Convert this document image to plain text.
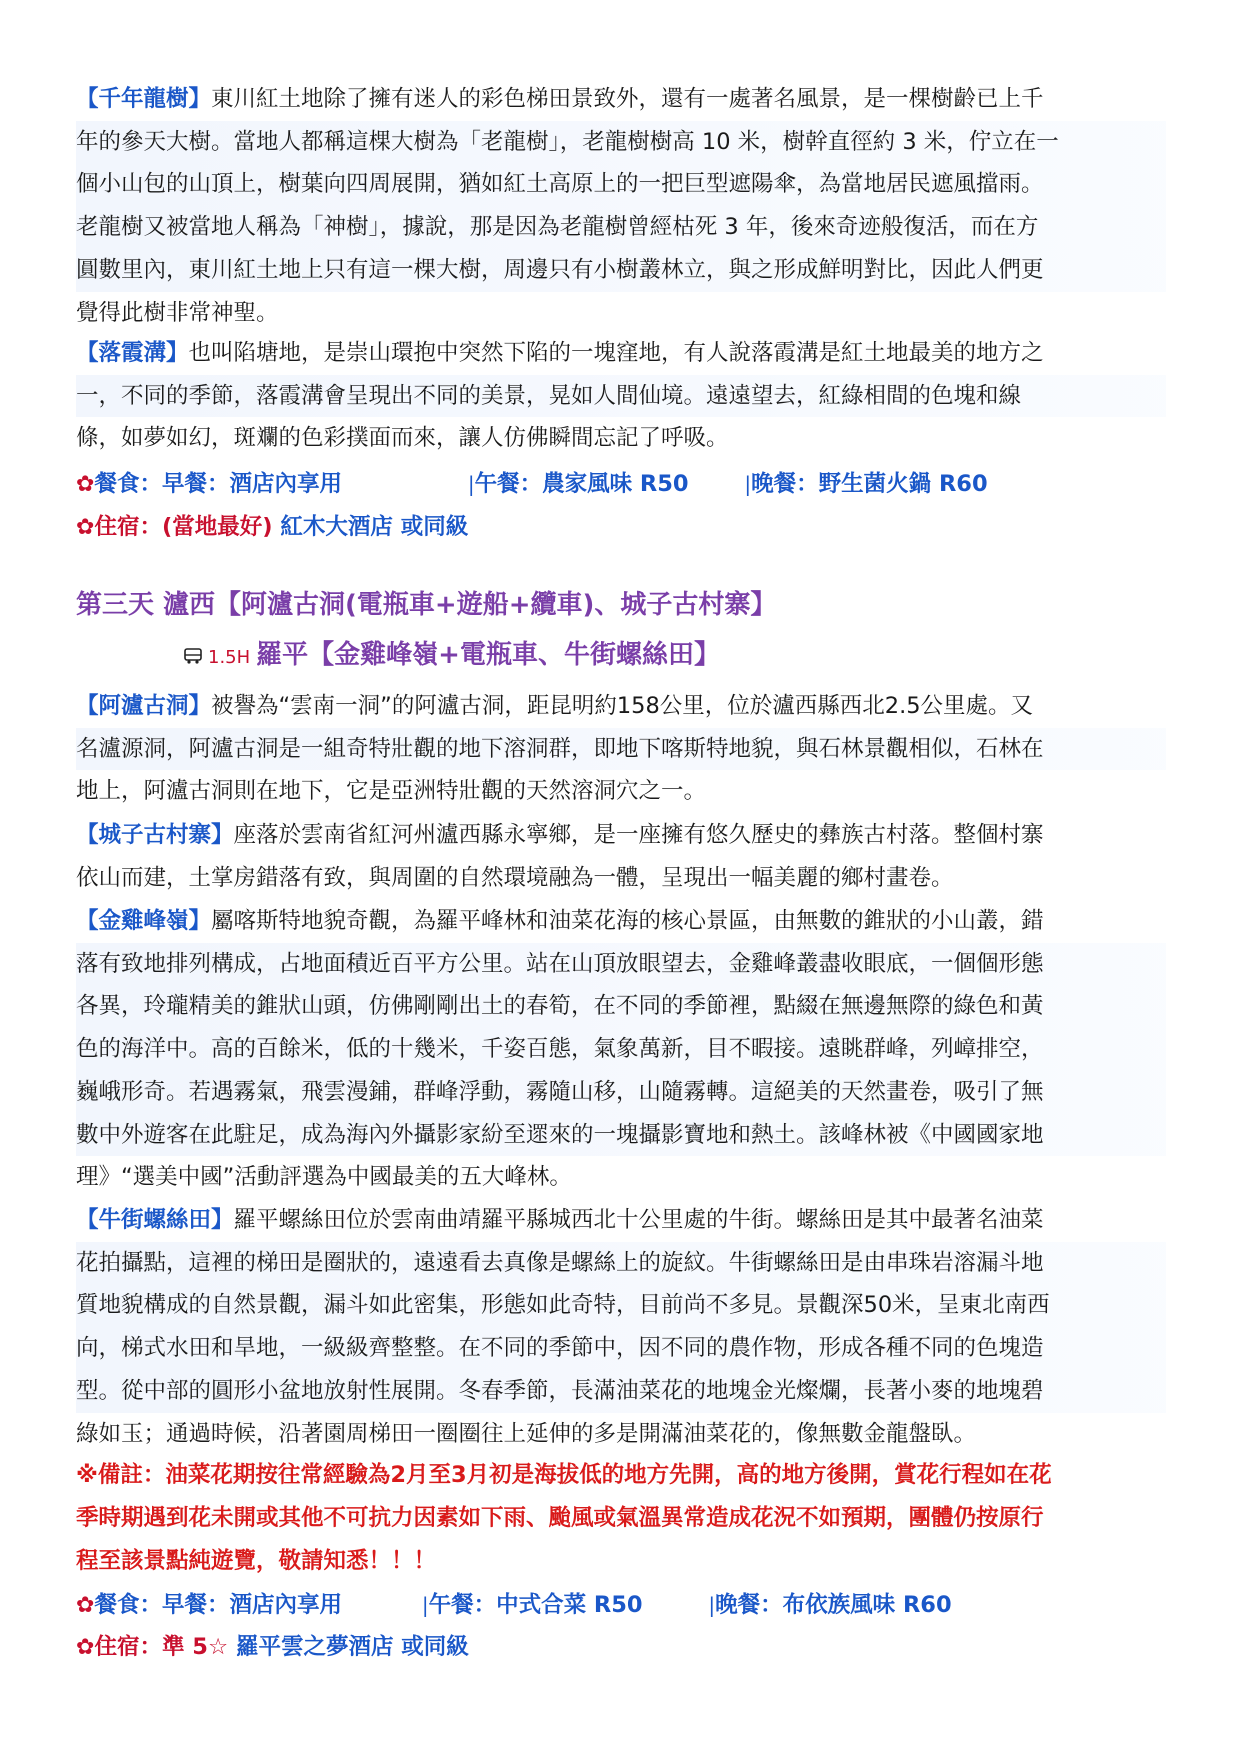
【千年龍樹】東川紅土地除了擁有迷人的彩色梯田景致外，還有一處著名風景，是一棵樹齡已上千
年的參天大樹。當地人都稱這棵大樹為「老龍樹」，老龍樹樹高 10 米，樹幹直徑約 3 米，佇立在一
個小山包的山頂上，樹葉向四周展開，猶如紅土高原上的一把巨型遮陽傘，為當地居民遮風擋雨。
老龍樹又被當地人稱為「神樹」，據說，那是因為老龍樹曾經枯死 3 年，後來奇迹般復活，而在方
圓數里內，東川紅土地上只有這一棵大樹，周邊只有小樹叢林立，與之形成鮮明對比，因此人們更
覺得此樹非常神聖。

【落霞溝】也叫陷塘地，是崇山環抱中突然下陷的一塊窪地，有人說落霞溝是紅土地最美的地方之
一，不同的季節，落霞溝會呈現出不同的美景，晃如人間仙境。遠遠望去，紅綠相間的色塊和線
條，如夢如幻，斑斕的色彩撲面而來，讓人仿佛瞬間忘記了呼吸。

✿餐食：早餐：酒店內享用	|午餐：農家風味 R50	|晚餐：野生菌火鍋 R60
✿住宿：(當地最好) 紅木大酒店 或同級
第三天 瀘西【阿瀘古洞(電瓶車+遊船+纜車)、城子古村寨】
1.5H 羅平【金雞峰嶺+電瓶車、牛街螺絲田】

【阿瀘古洞】被譽為“雲南一洞”的阿瀘古洞，距昆明約158公里，位於瀘西縣西北2.5公里處。又
名瀘源洞，阿瀘古洞是一組奇特壯觀的地下溶洞群，即地下喀斯特地貌，與石林景觀相似，石林在
地上，阿瀘古洞則在地下，它是亞洲特壯觀的天然溶洞穴之一。

【城子古村寨】座落於雲南省紅河州瀘西縣永寧鄉，是一座擁有悠久歷史的彝族古村落。整個村寨
依山而建，土掌房錯落有致，與周圍的自然環境融為一體，呈現出一幅美麗的鄉村畫卷。

【金雞峰嶺】屬喀斯特地貌奇觀，為羅平峰林和油菜花海的核心景區，由無數的錐狀的小山叢，錯
落有致地排列構成，占地面積近百平方公里。站在山頂放眼望去，金雞峰叢盡收眼底，一個個形態
各異，玲瓏精美的錐狀山頭，仿佛剛剛出土的春筍，在不同的季節裡，點綴在無邊無際的綠色和黃
色的海洋中。高的百餘米，低的十幾米，千姿百態，氣象萬新，目不暇接。遠眺群峰，列嶂排空，
巍峨形奇。若遇霧氣，飛雲漫鋪，群峰浮動，霧隨山移，山隨霧轉。這絕美的天然畫卷，吸引了無
數中外遊客在此駐足，成為海內外攝影家紛至遝來的一塊攝影寶地和熱土。該峰林被《中國國家地
理》“選美中國”活動評選為中國最美的五大峰林。

【牛街螺絲田】羅平螺絲田位於雲南曲靖羅平縣城西北十公里處的牛街。螺絲田是其中最著名油菜
花拍攝點，這裡的梯田是圈狀的，遠遠看去真像是螺絲上的旋紋。牛街螺絲田是由串珠岩溶漏斗地
質地貌構成的自然景觀，漏斗如此密集，形態如此奇特，目前尚不多見。景觀深50米，呈東北南西
向，梯式水田和旱地，一級級齊整整。在不同的季節中，因不同的農作物，形成各種不同的色塊造
型。從中部的圓形小盆地放射性展開。冬春季節，長滿油菜花的地塊金光燦爛，長著小麥的地塊碧
綠如玉；通過時候，沿著園周梯田一圈圈往上延伸的多是開滿油菜花的，像無數金龍盤臥。

※備註：油菜花期按往常經驗為2月至3月初是海拔低的地方先開，高的地方後開，賞花行程如在花
季時期遇到花未開或其他不可抗力因素如下雨、颱風或氣溫異常造成花況不如預期，團體仍按原行
程至該景點純遊覽，敬請知悉！！！

✿餐食：早餐：酒店內享用	|午餐：中式合菜 R50	|晚餐：布依族風味 R60
✿住宿：準 5☆ 羅平雲之夢酒店 或同級
